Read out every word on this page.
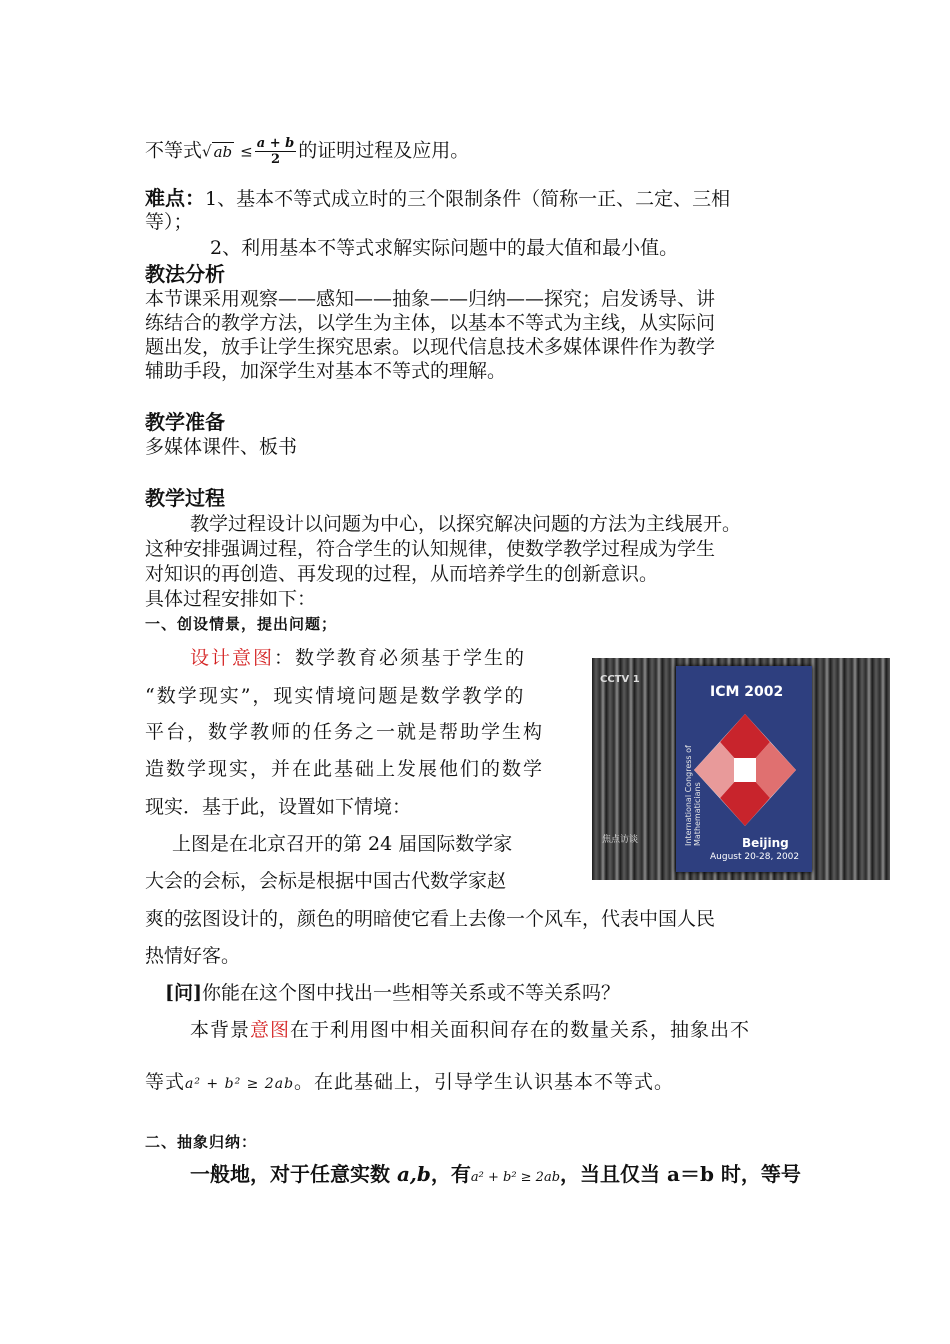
不等式√ ab ≤ $\frac{a + b}{2}$ 的证明过程及应用。
难点：1、基本不等式成立时的三个限制条件（简称一正、二定、三相
等）；
2、利用基本不等式求解实际问题中的最大值和最小值。
教法分析
本节课采用观察——感知——抽象——归纳——探究；启发诱导、讲
练结合的教学方法，以学生为主体，以基本不等式为主线，从实际问
题出发，放手让学生探究思索。以现代信息技术多媒体课件作为教学
辅助手段，加深学生对基本不等式的理解。
教学准备
多媒体课件、板书
教学过程
教学过程设计以问题为中心，以探究解决问题的方法为主线展开。
这种安排强调过程，符合学生的认知规律，使数学教学过程成为学生
对知识的再创造、再发现的过程，从而培养学生的创新意识。
具体过程安排如下：
一、创设情景，提出问题；
设计意图：数学教育必须基于学生的
“数学现实”，现实情境问题是数学教学的
平台，数学教师的任务之一就是帮助学生构
造数学现实，并在此基础上发展他们的数学
现实．基于此，设置如下情境：
上图是在北京召开的第 24 届国际数学家
大会的会标，会标是根据中国古代数学家赵
爽的弦图设计的，颜色的明暗使它看上去像一个风车，代表中国人民
热情好客。
[问]你能在这个图中找出一些相等关系或不等关系吗？
本背景意图在于利用图中相关面积间存在的数量关系，抽象出不
等式a² + b² ≥ 2ab。在此基础上，引导学生认识基本不等式。
二、抽象归纳：
一般地，对于任意实数 a,b，有a² + b² ≥ 2ab，当且仅当 a＝b 时，等号
CCTV 1
焦点访谈
ICM 2002
International Congress of Mathematicians	Beijing
August 20-28, 2002
